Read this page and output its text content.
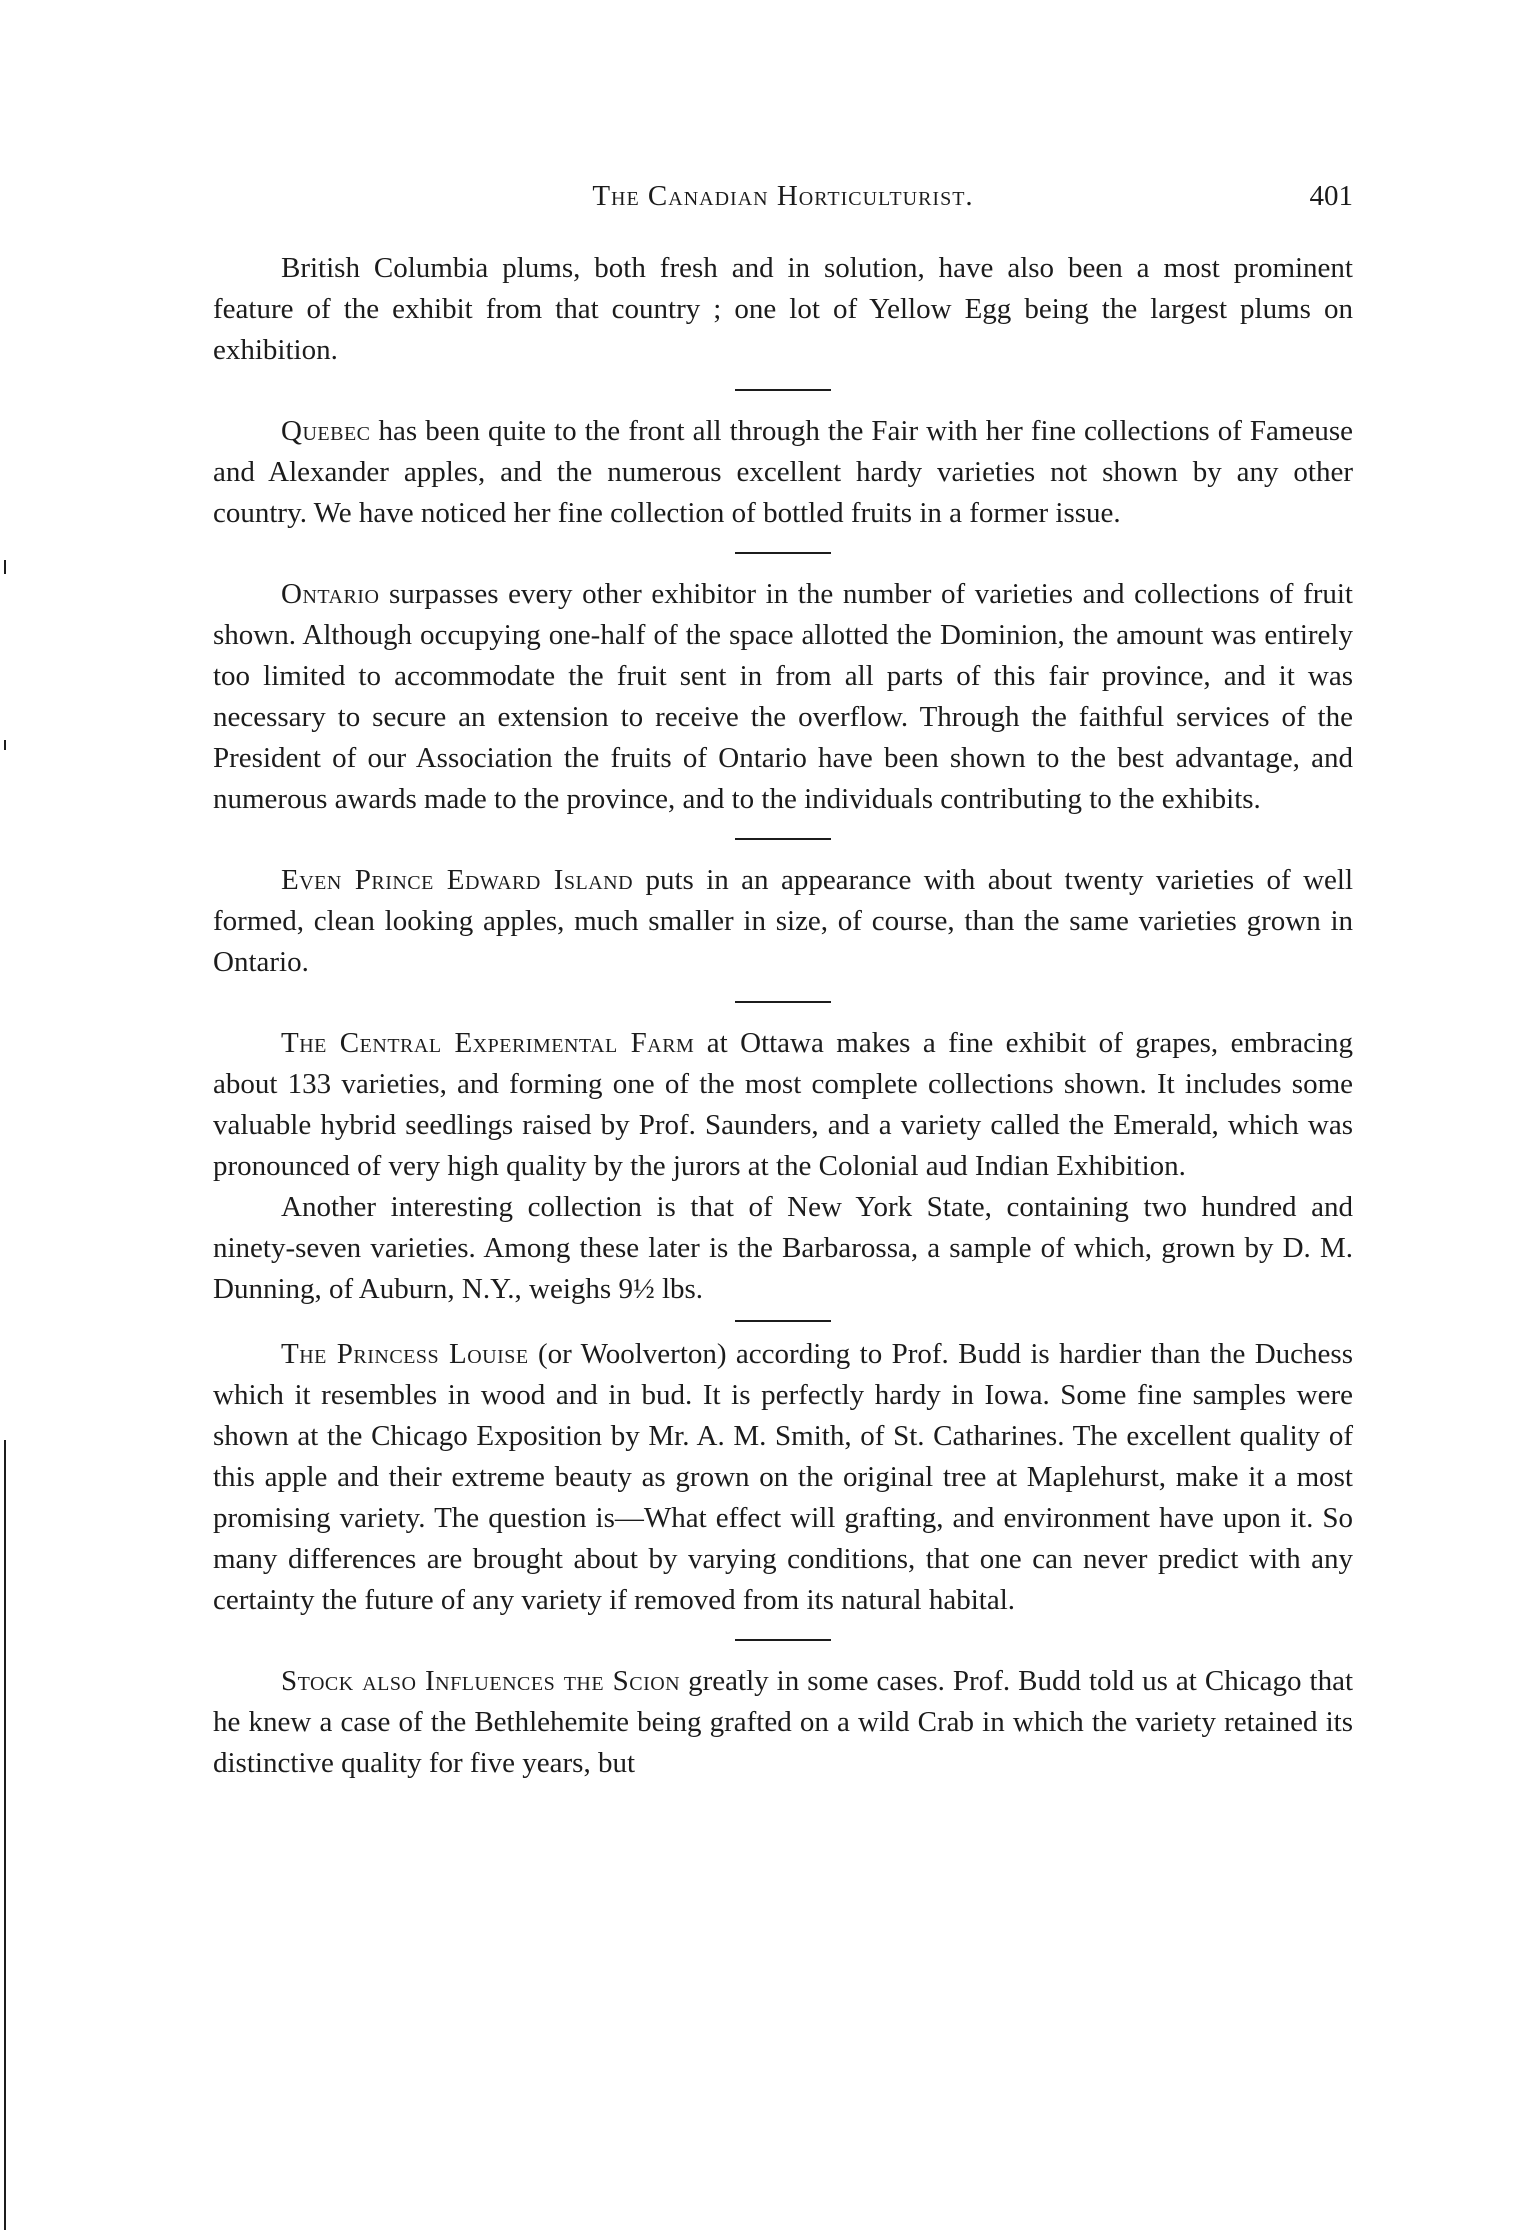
The Canadian Horticulturist.	401

British Columbia plums, both fresh and in solution, have also been a most prominent feature of the exhibit from that country ; one lot of Yellow Egg being the largest plums on exhibition.

Quebec has been quite to the front all through the Fair with her fine collections of Fameuse and Alexander apples, and the numerous excellent hardy varieties not shown by any other country. We have noticed her fine collection of bottled fruits in a former issue.

Ontario surpasses every other exhibitor in the number of varieties and collections of fruit shown. Although occupying one-half of the space allotted the Dominion, the amount was entirely too limited to accommodate the fruit sent in from all parts of this fair province, and it was necessary to secure an extension to receive the overflow. Through the faithful services of the President of our Association the fruits of Ontario have been shown to the best advantage, and numerous awards made to the province, and to the individuals contributing to the exhibits.

Even Prince Edward Island puts in an appearance with about twenty varieties of well formed, clean looking apples, much smaller in size, of course, than the same varieties grown in Ontario.

The Central Experimental Farm at Ottawa makes a fine exhibit of grapes, embracing about 133 varieties, and forming one of the most complete collections shown. It includes some valuable hybrid seedlings raised by Prof. Saunders, and a variety called the Emerald, which was pronounced of very high quality by the jurors at the Colonial aud Indian Exhibition.

Another interesting collection is that of New York State, containing two hundred and ninety-seven varieties. Among these later is the Barbarossa, a sample of which, grown by D. M. Dunning, of Auburn, N.Y., weighs 9½ lbs.

The Princess Louise (or Woolverton) according to Prof. Budd is hardier than the Duchess which it resembles in wood and in bud. It is perfectly hardy in Iowa. Some fine samples were shown at the Chicago Exposition by Mr. A. M. Smith, of St. Catharines. The excellent quality of this apple and their extreme beauty as grown on the original tree at Maplehurst, make it a most promising variety. The question is—What effect will grafting, and environment have upon it. So many differences are brought about by varying conditions, that one can never predict with any certainty the future of any variety if removed from its natural habital.

Stock also Influences the Scion greatly in some cases. Prof. Budd told us at Chicago that he knew a case of the Bethlehemite being grafted on a wild Crab in which the variety retained its distinctive quality for five years, but
